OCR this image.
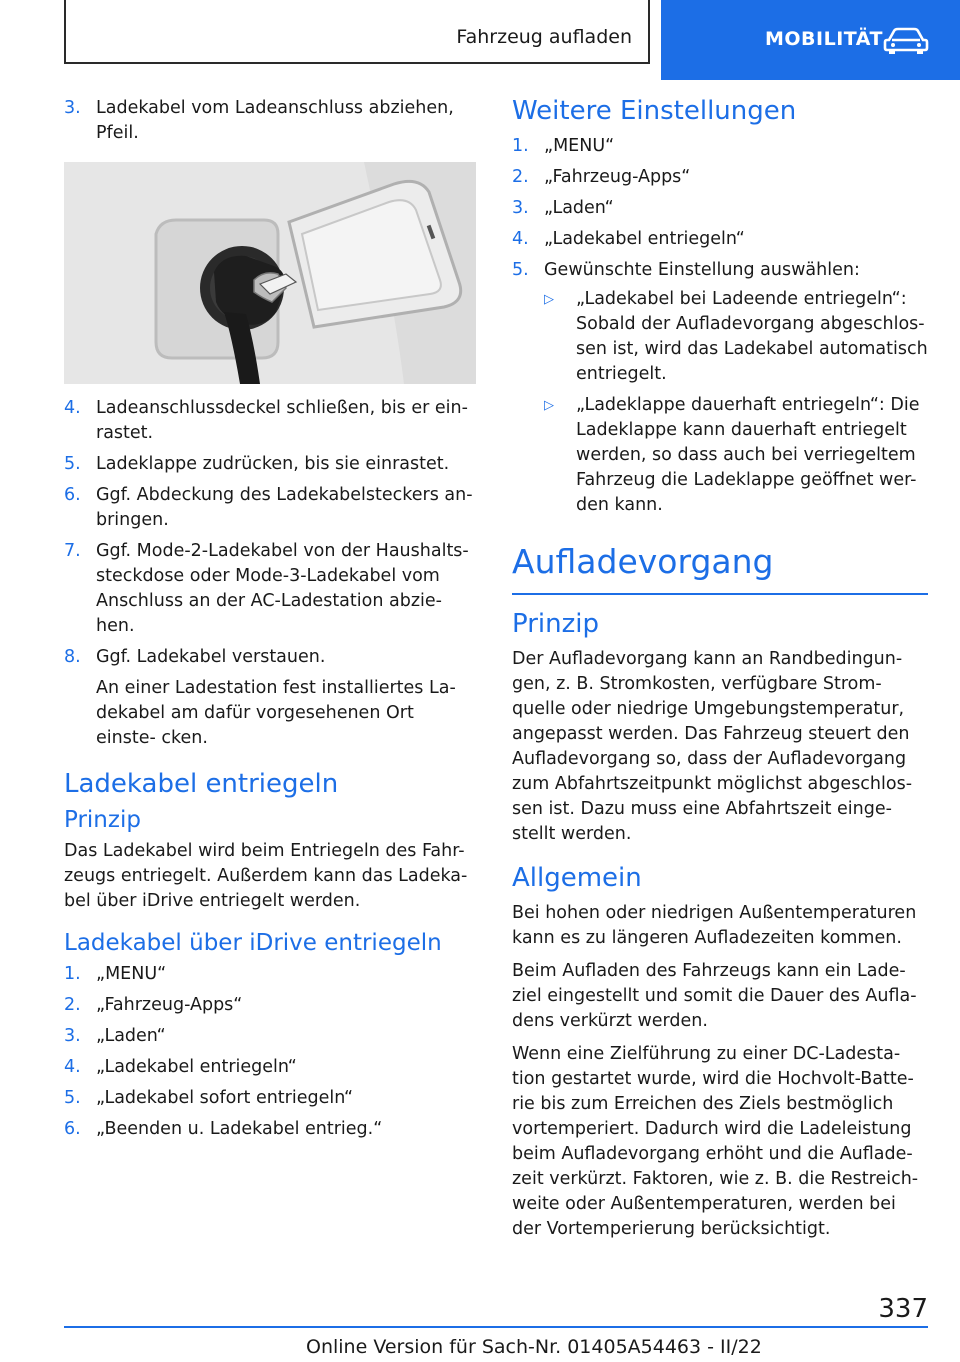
Fahrzeug aufladen	MOBILITÄT
3. Ladekabel vom Ladeanschluss abziehen, Pfeil.
4. Ladeanschlussdeckel schließen, bis er ein- rastet.
5. Ladeklappe zudrücken, bis sie einrastet.
6. Ggf. Abdeckung des Ladekabelsteckers an- bringen.
7. Ggf. Mode-2-Ladekabel von der Haushalts- steckdose oder Mode-3-Ladekabel vom Anschluss an der AC-Ladestation abzie- hen.
8. Ggf. Ladekabel verstauen.
An einer Ladestation fest installiertes La- dekabel am dafür vorgesehenen Ort einste- cken.
Ladekabel entriegeln
Prinzip
Das Ladekabel wird beim Entriegeln des Fahr- zeugs entriegelt. Außerdem kann das Ladeka- bel über iDrive entriegelt werden.
Ladekabel über iDrive entriegeln
1. „MENU“
2. „Fahrzeug-Apps“
3. „Laden“
4. „Ladekabel entriegeln“
5. „Ladekabel sofort entriegeln“
6. „Beenden u. Ladekabel entrieg.“
Weitere Einstellungen
1. „MENU“
2. „Fahrzeug-Apps“
3. „Laden“
4. „Ladekabel entriegeln“
5. Gewünschte Einstellung auswählen:
▷ „Ladekabel bei Ladeende entriegeln“: Sobald der Aufladevorgang abgeschlos- sen ist, wird das Ladekabel automatisch entriegelt.
▷ „Ladeklappe dauerhaft entriegeln“: Die Ladeklappe kann dauerhaft entriegelt werden, so dass auch bei verriegeltem Fahrzeug die Ladeklappe geöffnet wer- den kann.
Aufladevorgang
Prinzip
Der Aufladevorgang kann an Randbedingun- gen, z. B. Stromkosten, verfügbare Strom- quelle oder niedrige Umgebungstemperatur, angepasst werden. Das Fahrzeug steuert den Aufladevorgang so, dass der Aufladevorgang zum Abfahrtszeitpunkt möglichst abgeschlos- sen ist. Dazu muss eine Abfahrtszeit einge- stellt werden.
Allgemein
Bei hohen oder niedrigen Außentemperaturen kann es zu längeren Aufladezeiten kommen.
Beim Aufladen des Fahrzeugs kann ein Lade- ziel eingestellt und somit die Dauer des Aufla- dens verkürzt werden.
Wenn eine Zielführung zu einer DC-Ladesta- tion gestartet wurde, wird die Hochvolt-Batte- rie bis zum Erreichen des Ziels bestmöglich vortemperiert. Dadurch wird die Ladeleistung beim Aufladevorgang erhöht und die Auflade- zeit verkürzt. Faktoren, wie z. B. die Restreich- weite oder Außentemperaturen, werden bei der Vortemperierung berücksichtigt.
337
Online Version für Sach-Nr. 01405A54463 - II/22
